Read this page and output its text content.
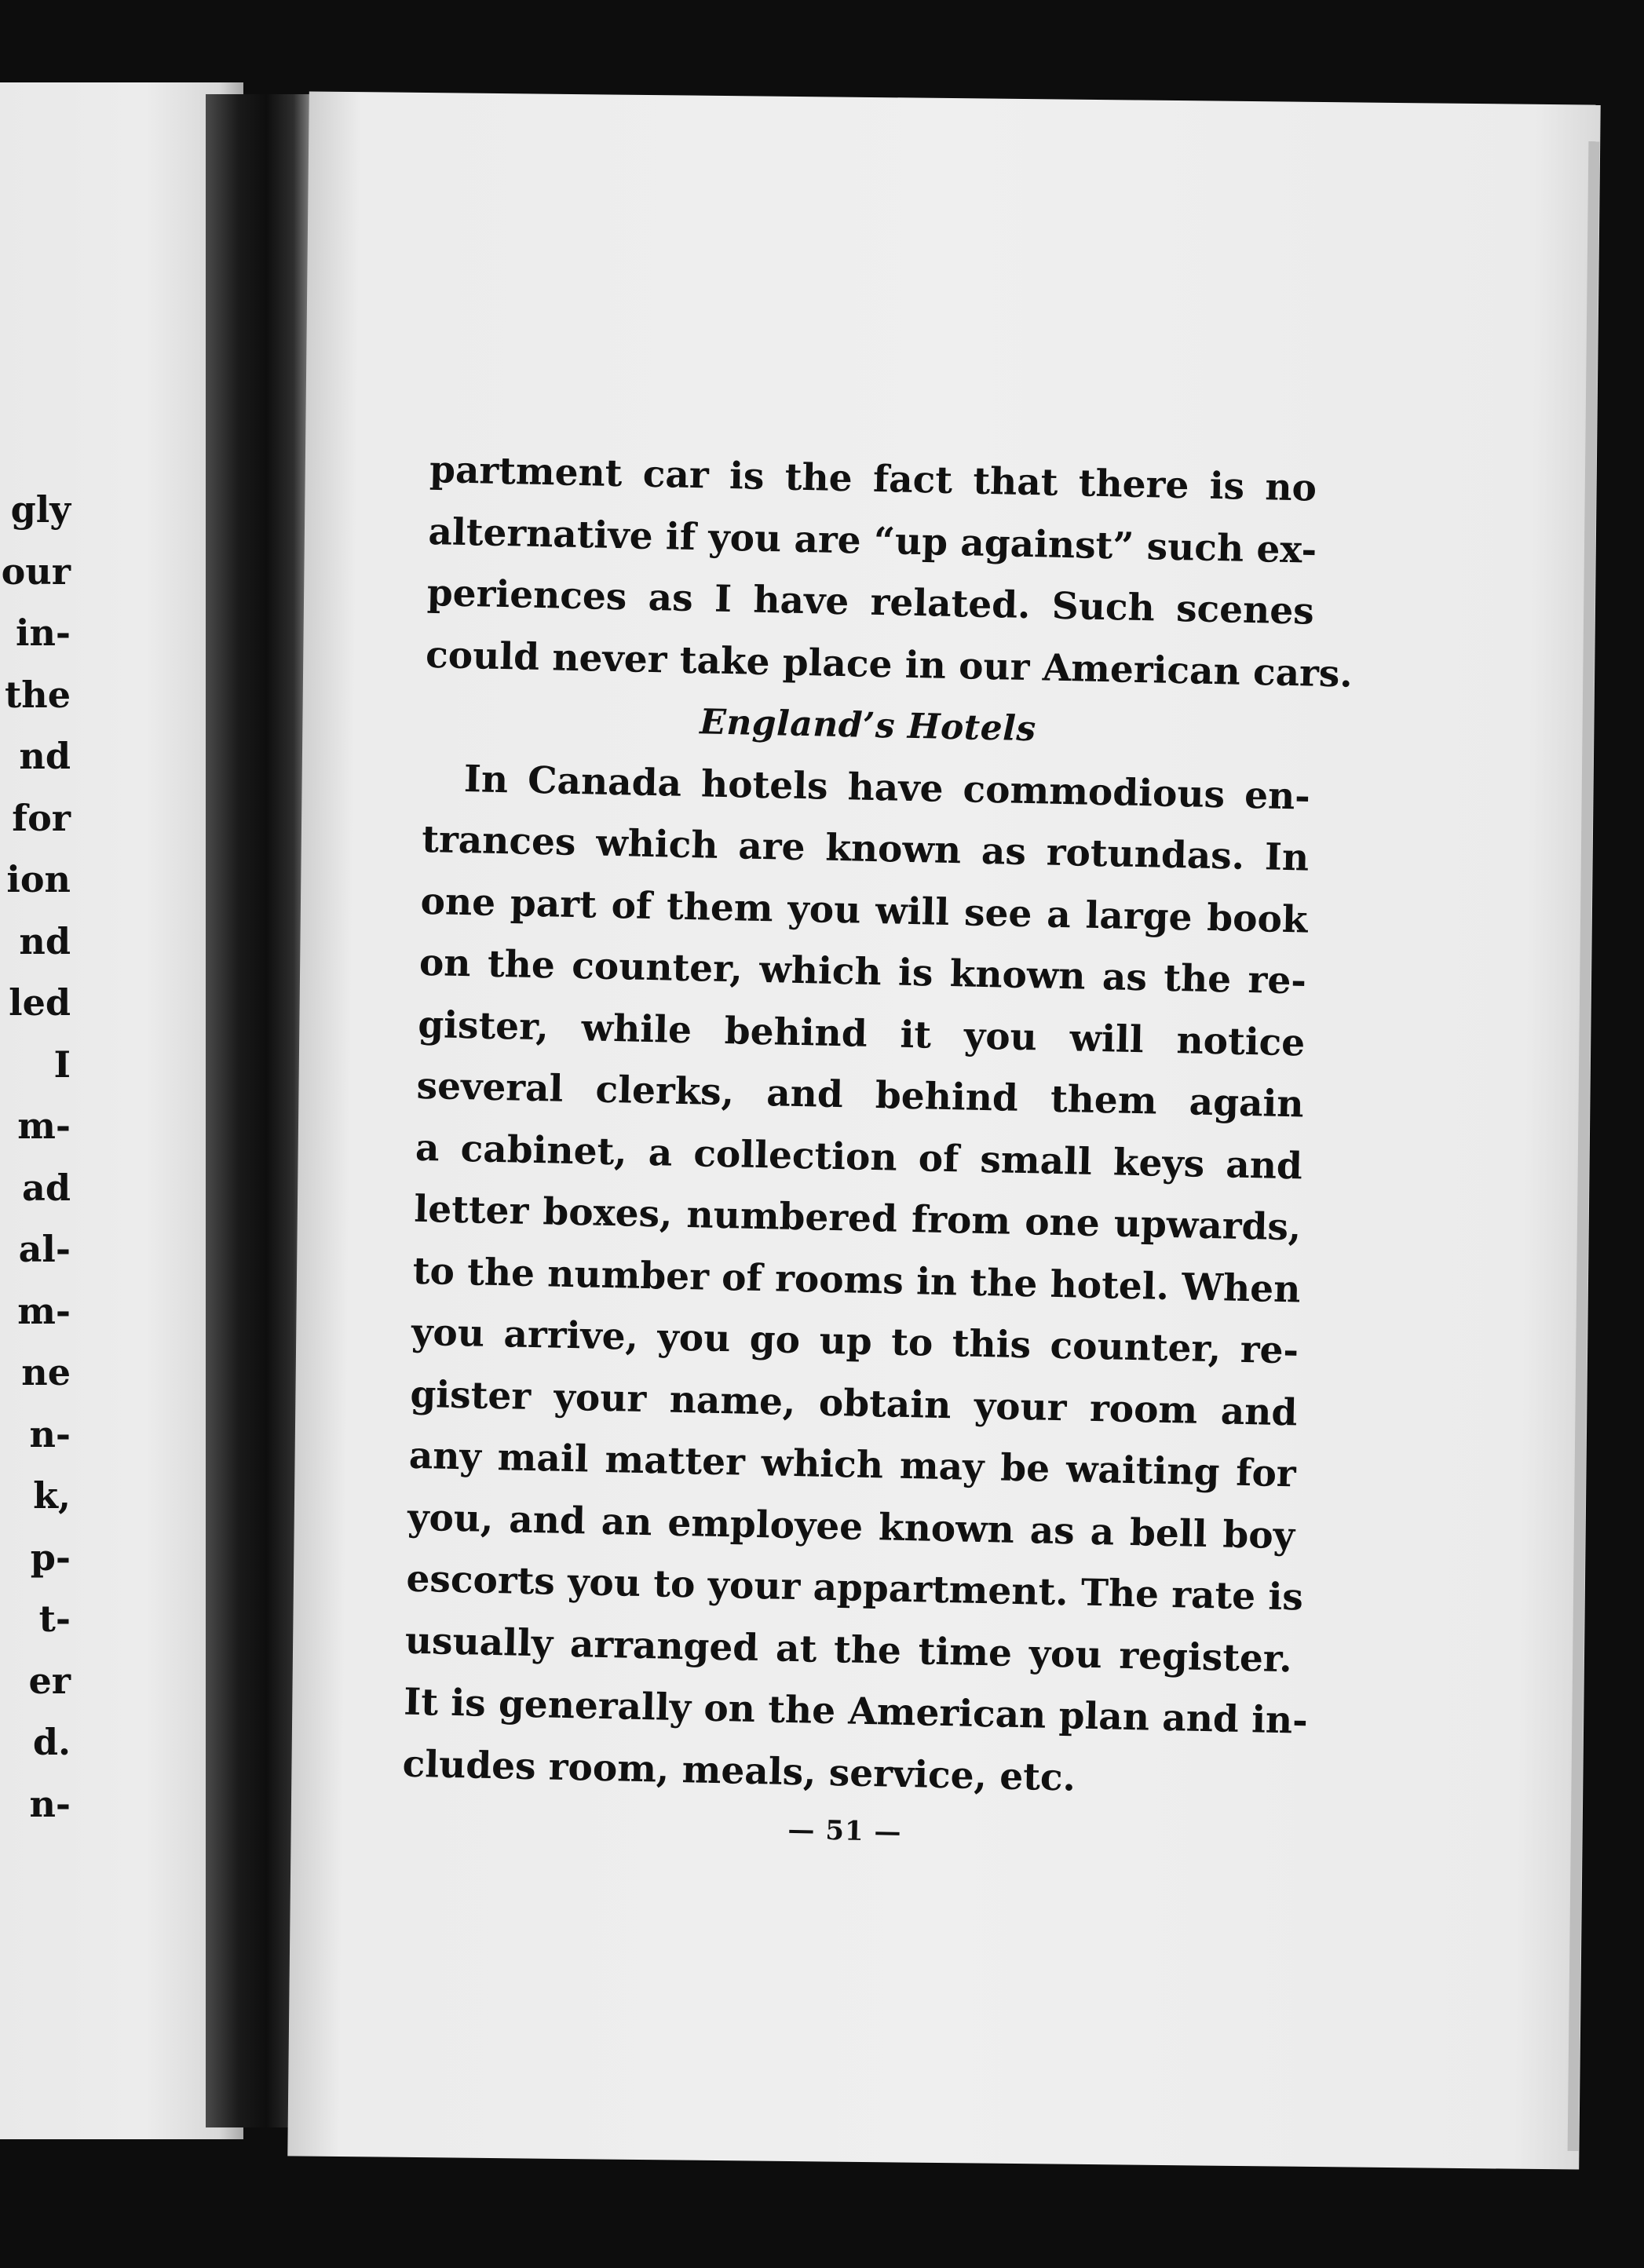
gly
our
in-
the
nd
for
ion
nd
led
I
m-
ad
al-
m-
ne
n-
k,
p-
t-
er
d.
n-
partment car is the fact that there is no
alternative if you are “up against” such ex-
periences as I have related. Such scenes
could never take place in our American cars.
England’s Hotels
In Canada hotels have commodious en-
trances which are known as rotundas. In
one part of them you will see a large book
on the counter, which is known as the re-
gister, while behind it you will notice
several clerks, and behind them again
a cabinet, a collection of small keys and
letter boxes, numbered from one upwards,
to the number of rooms in the hotel. When
you arrive, you go up to this counter, re-
gister your name, obtain your room and
any mail matter which may be waiting for
you, and an employee known as a bell boy
escorts you to your appartment. The rate is
usually arranged at the time you register.
It is generally on the American plan and in-
cludes room, meals, service, etc.
— 51 —
